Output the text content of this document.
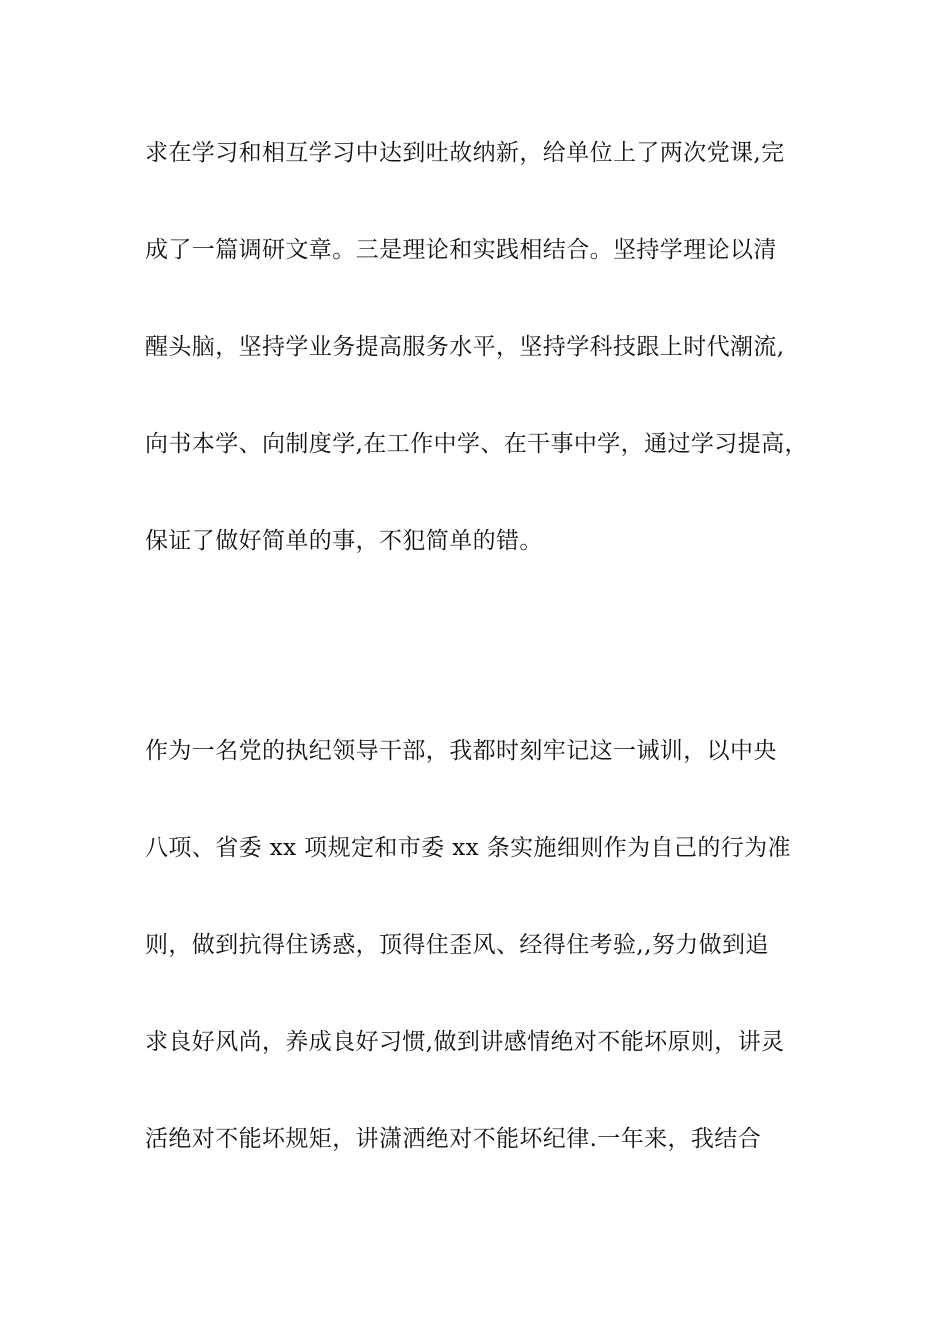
求在学习和相互学习中达到吐故纳新，给单位上了两次党课,完
成了一篇调研文章。三是理论和实践相结合。坚持学理论以清
醒头脑，坚持学业务提高服务水平，坚持学科技跟上时代潮流,
向书本学、向制度学,在工作中学、在干事中学，通过学习提高，
保证了做好简单的事，不犯简单的错。
作为一名党的执纪领导干部，我都时刻牢记这一诫训，以中央
八项、省委 xx 项规定和市委 xx 条实施细则作为自己的行为准
则，做到抗得住诱惑，顶得住歪风、经得住考验,,努力做到追
求良好风尚，养成良好习惯,做到讲感情绝对不能坏原则，讲灵
活绝对不能坏规矩，讲潇洒绝对不能坏纪律.一年来，我结合
